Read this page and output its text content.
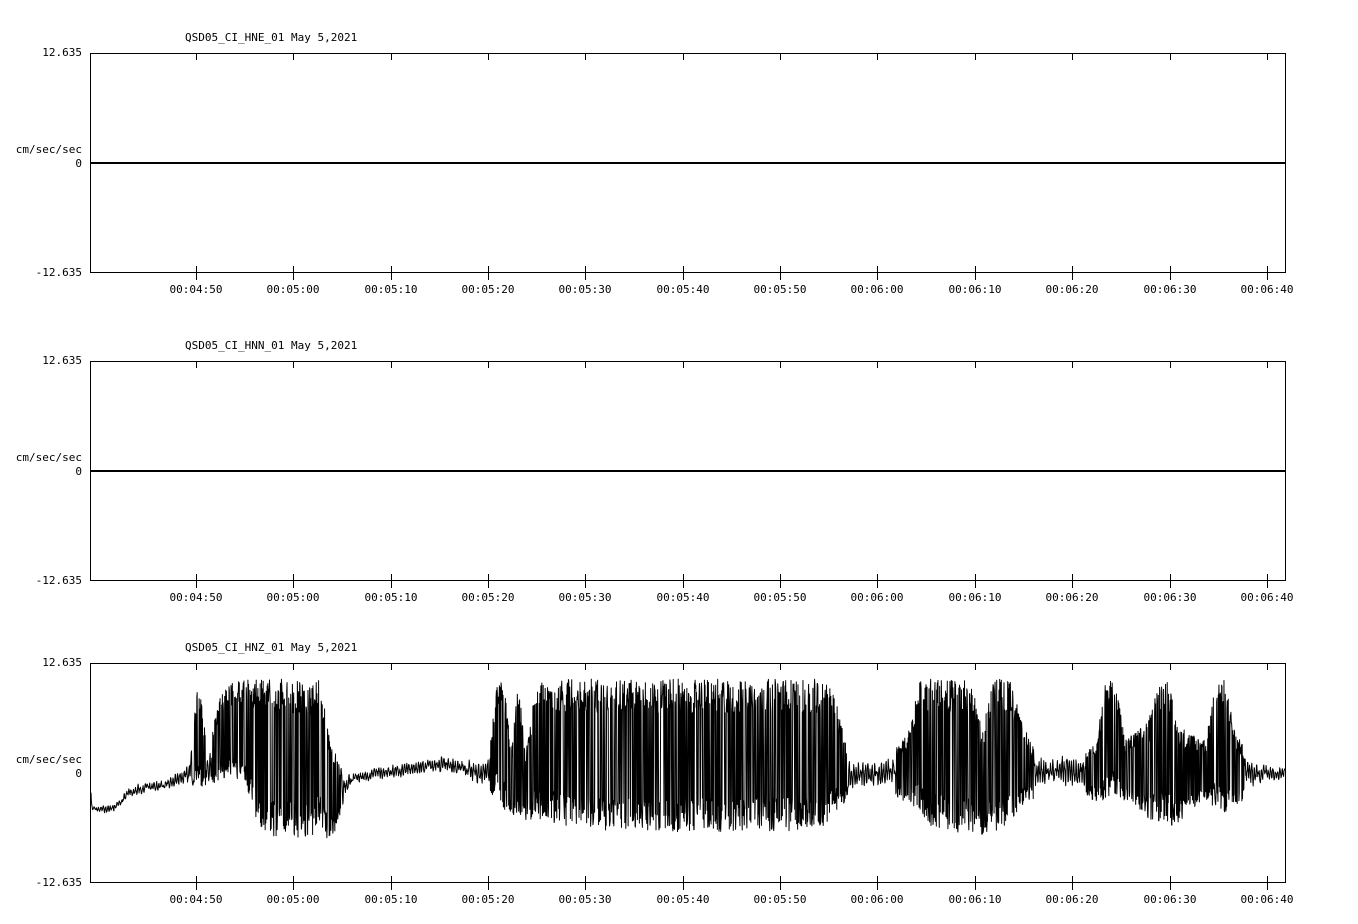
QSD05_CI_HNE_01 May 5,2021
12.635
cm/sec/sec
0
-12.635
00:04:50	00:05:00	00:05:10	00:05:20	00:05:30	00:05:40	00:05:50	00:06:00	00:06:10	00:06:20	00:06:30	00:06:40
QSD05_CI_HNN_01 May 5,2021
12.635
cm/sec/sec
0
-12.635
00:04:50	00:05:00	00:05:10	00:05:20	00:05:30	00:05:40	00:05:50	00:06:00	00:06:10	00:06:20	00:06:30	00:06:40
QSD05_CI_HNZ_01 May 5,2021
12.635
cm/sec/sec
0
-12.635
00:04:50	00:05:00	00:05:10	00:05:20	00:05:30	00:05:40	00:05:50	00:06:00	00:06:10	00:06:20	00:06:30	00:06:40
